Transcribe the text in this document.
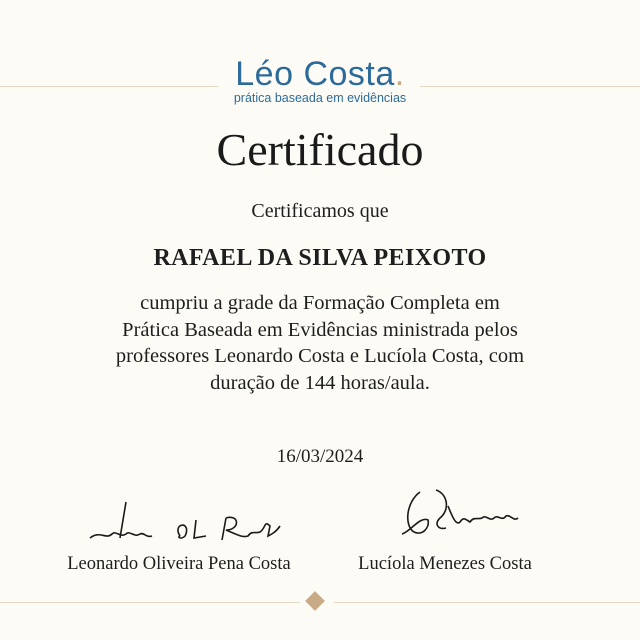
Léo Costa.
prática baseada em evidências
Certificado
Certificamos que
RAFAEL DA SILVA PEIXOTO
cumpriu a grade da Formação Completa em
Prática Baseada em Evidências ministrada pelos
professores Leonardo Costa e Lucíola Costa, com
duração de 144 horas/aula.
16/03/2024
Leonardo Oliveira Pena Costa	Lucíola Menezes Costa
